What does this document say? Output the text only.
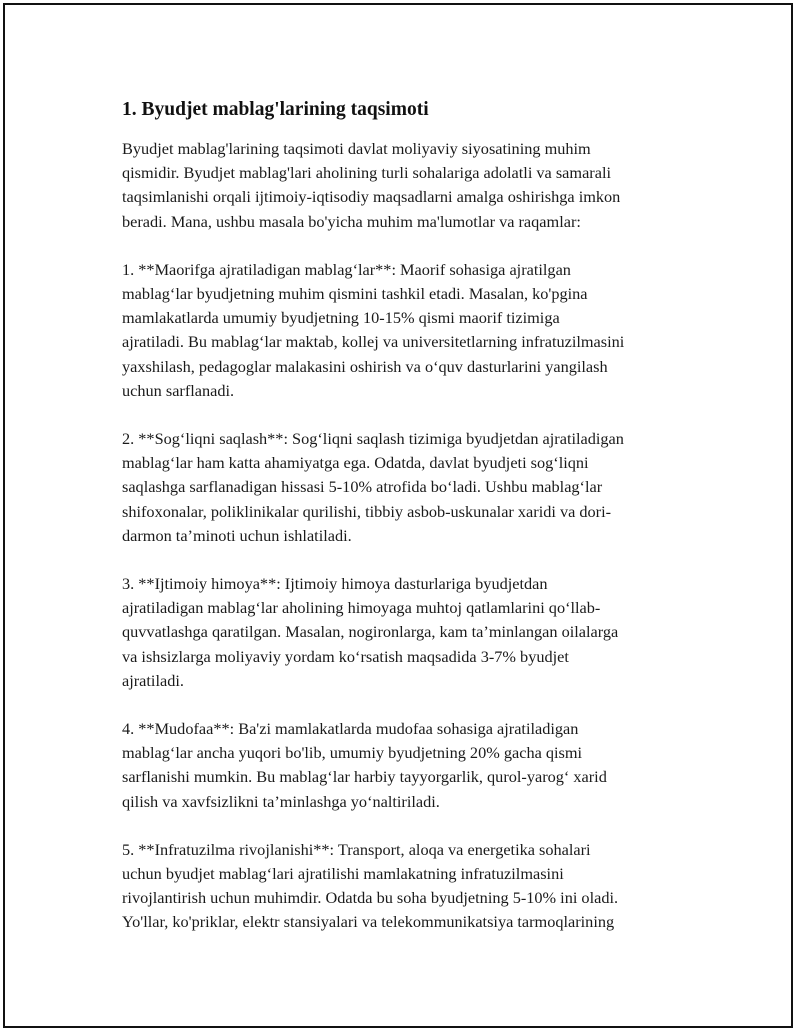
1. Byudjet mablag'larining taqsimoti

Byudjet mablag'larining taqsimoti davlat moliyaviy siyosatining muhim
qismidir. Byudjet mablag'lari aholining turli sohalariga adolatli va samarali
taqsimlanishi orqali ijtimoiy-iqtisodiy maqsadlarni amalga oshirishga imkon
beradi. Mana, ushbu masala bo'yicha muhim ma'lumotlar va raqamlar:

1. **Maorifga ajratiladigan mablag‘lar**: Maorif sohasiga ajratilgan
mablag‘lar byudjetning muhim qismini tashkil etadi. Masalan, ko'pgina
mamlakatlarda umumiy byudjetning 10-15% qismi maorif tizimiga
ajratiladi. Bu mablag‘lar maktab, kollej va universitetlarning infratuzilmasini
yaxshilash, pedagoglar malakasini oshirish va o‘quv dasturlarini yangilash
uchun sarflanadi.

2. **Sog‘liqni saqlash**: Sog‘liqni saqlash tizimiga byudjetdan ajratiladigan
mablag‘lar ham katta ahamiyatga ega. Odatda, davlat byudjeti sog‘liqni
saqlashga sarflanadigan hissasi 5-10% atrofida bo‘ladi. Ushbu mablag‘lar
shifoxonalar, poliklinikalar qurilishi, tibbiy asbob-uskunalar xaridi va dori-
darmon ta’minoti uchun ishlatiladi.

3. **Ijtimoiy himoya**: Ijtimoiy himoya dasturlariga byudjetdan
ajratiladigan mablag‘lar aholining himoyaga muhtoj qatlamlarini qo‘llab-
quvvatlashga qaratilgan. Masalan, nogironlarga, kam ta’minlangan oilalarga
va ishsizlarga moliyaviy yordam ko‘rsatish maqsadida 3-7% byudjet
ajratiladi.

4. **Mudofaa**: Ba'zi mamlakatlarda mudofaa sohasiga ajratiladigan
mablag‘lar ancha yuqori bo'lib, umumiy byudjetning 20% gacha qismi
sarflanishi mumkin. Bu mablag‘lar harbiy tayyorgarlik, qurol-yarog‘ xarid
qilish va xavfsizlikni ta’minlashga yo‘naltiriladi.

5. **Infratuzilma rivojlanishi**: Transport, aloqa va energetika sohalari
uchun byudjet mablag‘lari ajratilishi mamlakatning infratuzilmasini
rivojlantirish uchun muhimdir. Odatda bu soha byudjetning 5-10% ini oladi.
Yo'llar, ko'priklar, elektr stansiyalari va telekommunikatsiya tarmoqlarining
